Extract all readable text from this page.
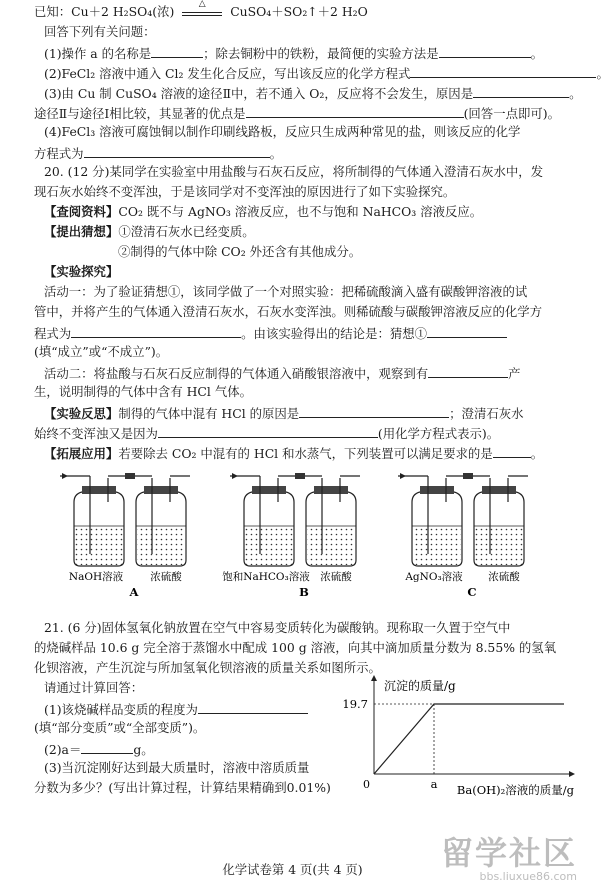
已知：Cu＋2 H₂SO₄(浓)	△	CuSO₄＋SO₂↑＋2 H₂O
回答下列有关问题：
(1)操作 a 的名称是	；除去铜粉中的铁粉，最简便的实验方法是	。
(2)FeCl₂ 溶液中通入 Cl₂ 发生化合反应，写出该反应的化学方程式	。
(3)由 Cu 制 CuSO₄ 溶液的途径Ⅱ中，若不通入 O₂，反应将不会发生，原因是	。
途径Ⅱ与途径Ⅰ相比较，其显著的优点是	(回答一点即可)。
(4)FeCl₃ 溶液可腐蚀铜以制作印刷线路板，反应只生成两种常见的盐，则该反应的化学
方程式为	。
20. (12 分)某同学在实验室中用盐酸与石灰石反应，将所制得的气体通入澄清石灰水中，发
现石灰水始终不变浑浊，于是该同学对不变浑浊的原因进行了如下实验探究。
【查阅资料】CO₂ 既不与 AgNO₃ 溶液反应，也不与饱和 NaHCO₃ 溶液反应。
【提出猜想】①澄清石灰水已经变质。
②制得的气体中除 CO₂ 外还含有其他成分。
【实验探究】
活动一：为了验证猜想①，该同学做了一个对照实验：把稀硫酸滴入盛有碳酸钾溶液的试
管中，并将产生的气体通入澄清石灰水，石灰水变浑浊。则稀硫酸与碳酸钾溶液反应的化学方
程式为	。由该实验得出的结论是：猜想①
(填“成立”或“不成立”)。
活动二：将盐酸与石灰石反应制得的气体通入硝酸银溶液中，观察到有	产
生，说明制得的气体中含有 HCl 气体。
【实验反思】制得的气体中混有 HCl 的原因是	；澄清石灰水
始终不变浑浊又是因为	(用化学方程式表示)。
【拓展应用】若要除去 CO₂ 中混有的 HCl 和水蒸气，下列装置可以满足要求的是	。
NaOH溶液	浓硫酸
A
饱和NaHCO₃溶液 浓硫酸
B
AgNO₃溶液 浓硫酸
C
21. (6 分)固体氢氧化钠放置在空气中容易变质转化为碳酸钠。现称取一久置于空气中
的烧碱样品 10.6 g 完全溶于蒸馏水中配成 100 g 溶液，向其中滴加质量分数为 8.55% 的氢氧
化钡溶液，产生沉淀与所加氢氧化钡溶液的质量关系如图所示。
请通过计算回答：
(1)该烧碱样品变质的程度为
(填“部分变质”或“全部变质”)。
(2)a＝	g。
(3)当沉淀刚好达到最大质量时，溶液中溶质质量
分数为多少？(写出计算过程，计算结果精确到0.01%)
沉淀的质量/g
Ba(OH)₂溶液的质量/g
0
19.7
a
化学试卷第 4 页(共 4 页)	留学社区
bbs.liuxue86.com
